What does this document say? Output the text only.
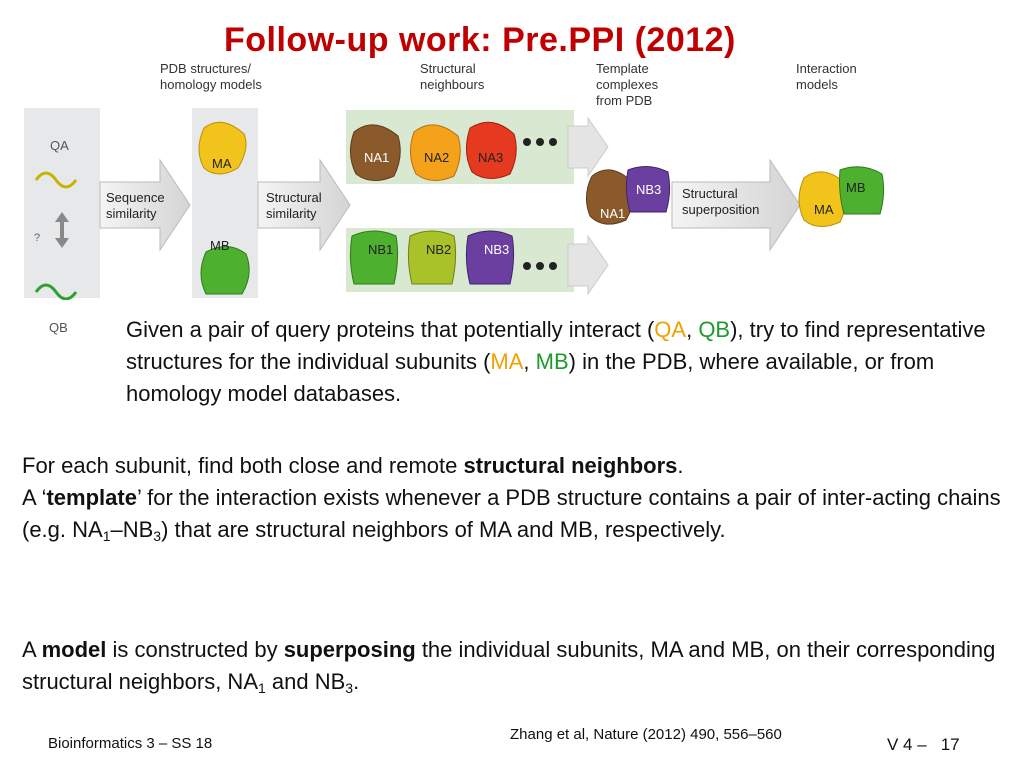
Follow-up work: Pre.PPI (2012)
PDB structures/
homology models
Structural
neighbours
Template
complexes
from PDB
Interaction
models
QA
QB
?
Sequence
similarity
Structural
similarity
Structural
superposition
MA
MB
NA1	NA2 NA3
NB1	NB2	NB3
NA1
NB3
MA
MB

Given a pair of query proteins that potentially interact (QA, QB), try to find representative structures for the individual subunits (MA, MB) in the PDB, where available, or from homology model databases.

For each subunit, find both close and remote structural neighbors.
A ‘template’ for the interaction exists whenever a PDB structure contains a pair of inter-acting chains (e.g. $NA_1-NB_3$) that are structural neighbors of MA and MB, respectively.

A model is constructed by superposing the individual subunits, MA and MB, on their corresponding structural neighbors, $NA_1$ and $NB_3$.

Bioinformatics 3 – SS 18
Zhang et al, Nature (2012) 490, 556–560
V 4 – 17
